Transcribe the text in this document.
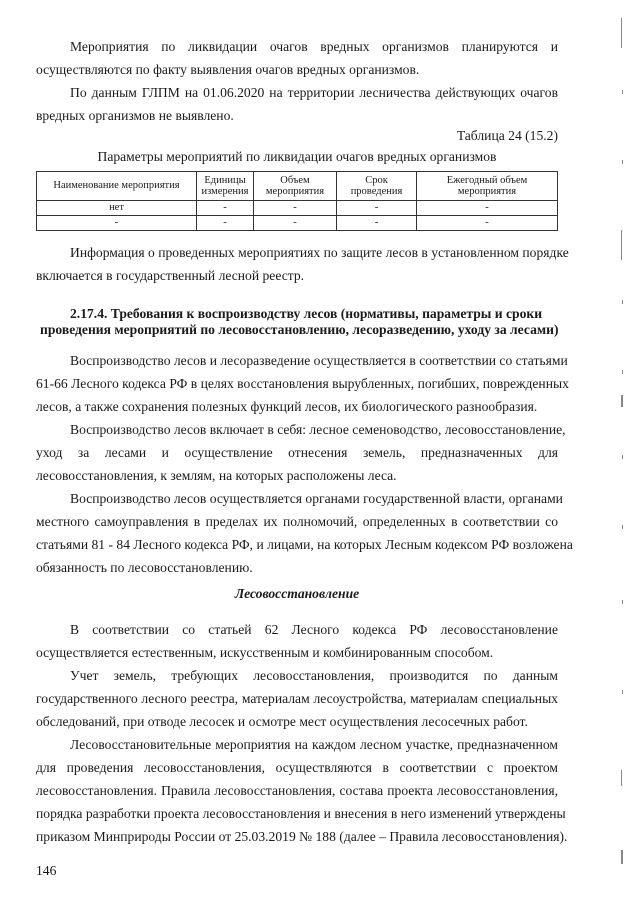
Мероприятия по ликвидации очагов вредных организмов планируются и
осуществляются по факту выявления очагов вредных организмов.
По данным ГЛПМ на 01.06.2020 на территории лесничества действующих очагов
вредных организмов не выявлено.
Таблица 24 (15.2)
Параметры мероприятий по ликвидации очагов вредных организмов
Наименование мероприятия	Единицы измерения	Объем мероприятия	Срок проведения	Ежегодный объем мероприятия
нет	-	-	-	-
-	-	-	-	-
Информация о проведенных мероприятиях по защите лесов в установленном порядке
включается в государственный лесной реестр.
2.17.4. Требования к воспроизводству лесов (нормативы, параметры и сроки
проведения мероприятий по лесовосстановлению, лесоразведению, уходу за лесами)
Воспроизводство лесов и лесоразведение осуществляется в соответствии со статьями
61-66 Лесного кодекса РФ в целях восстановления вырубленных, погибших, поврежденных
лесов, а также сохранения полезных функций лесов, их биологического разнообразия.
Воспроизводство лесов включает в себя: лесное семеноводство, лесовосстановление,
уход за лесами и осуществление отнесения земель, предназначенных для
лесовосстановления, к землям, на которых расположены леса.
Воспроизводство лесов осуществляется органами государственной власти, органами
местного самоуправления в пределах их полномочий, определенных в соответствии со
статьями 81 - 84 Лесного кодекса РФ, и лицами, на которых Лесным кодексом РФ возложена
обязанность по лесовосстановлению.
Лесовосстановление
В соответствии со статьей 62 Лесного кодекса РФ лесовосстановление
осуществляется естественным, искусственным и комбинированным способом.
Учет земель, требующих лесовосстановления, производится по данным
государственного лесного реестра, материалам лесоустройства, материалам специальных
обследований, при отводе лесосек и осмотре мест осуществления лесосечных работ.
Лесовосстановительные мероприятия на каждом лесном участке, предназначенном
для проведения лесовосстановления, осуществляются в соответствии с проектом
лесовосстановления. Правила лесовосстановления, состава проекта лесовосстановления,
порядка разработки проекта лесовосстановления и внесения в него изменений утверждены
приказом Минприроды России от 25.03.2019 № 188 (далее – Правила лесовосстановления).
146
